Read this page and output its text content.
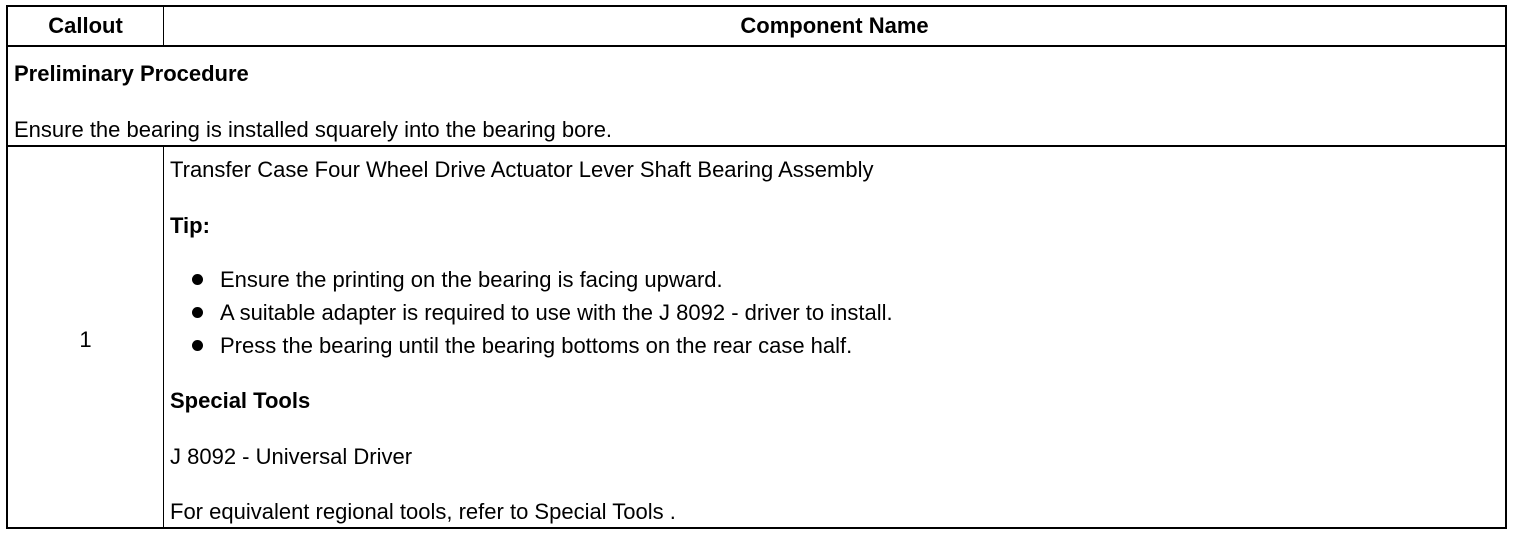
Callout	Component Name
Preliminary Procedure
Ensure the bearing is installed squarely into the bearing bore.
1
Transfer Case Four Wheel Drive Actuator Lever Shaft Bearing Assembly
Tip:
Ensure the printing on the bearing is facing upward.
A suitable adapter is required to use with the J 8092 - driver to install.
Press the bearing until the bearing bottoms on the rear case half.
Special Tools
J 8092 - Universal Driver
For equivalent regional tools, refer to Special Tools .
